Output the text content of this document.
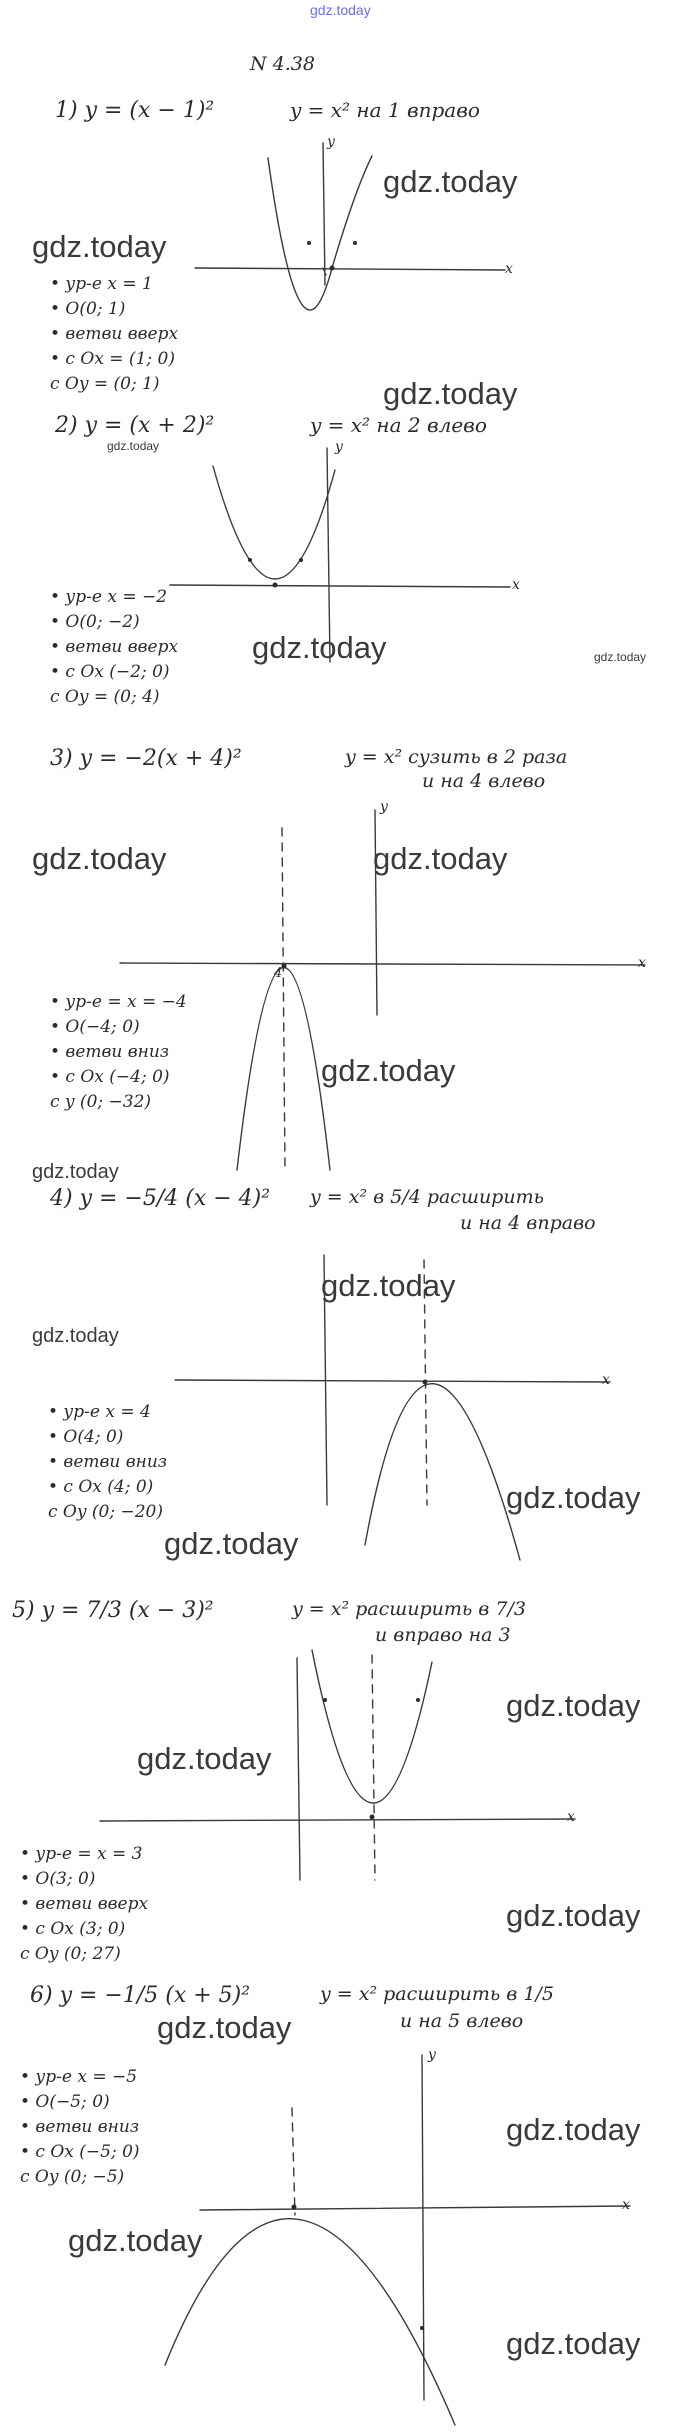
x
y
x
y
x
y
x
x
x
y
gdz.today
N 4.38
1) y = (x − 1)²	y = x² на 1 вправо
• ур-е x = 1
• O(0; 1)
• ветви вверх
• c Ox = (1; 0)
c Oy = (0; 1)
2) y = (x + 2)²	y = x² на 2 влево
• ур-е x = −2
• O(0; −2)
• ветви вверх
• c Ox (−2; 0)
c Oy = (0; 4)
3) y = −2(x + 4)²	y = x² сузить в 2 раза
и на 4 влево
4
• ур-е = x = −4
• O(−4; 0)
• ветви вниз
• c Ox (−4; 0)
c y (0; −32)
4) y = −5/4 (x − 4)² y = x² в 5/4 расширить
и на 4 вправо
• ур-е x = 4
• O(4; 0)
• ветви вниз
• c Ox (4; 0)
c Oy (0; −20)
5) y = 7/3 (x − 3)²	y = x² расширить в 7/3
и вправо на 3
• ур-е = x = 3
• O(3; 0)
• ветви вверх
• c Ox (3; 0)
c Oy (0; 27)
6) y = −1/5 (x + 5)²	y = x² расширить в 1/5
и на 5 влево
• ур-е x = −5
• O(−5; 0)
• ветви вниз
• c Ox (−5; 0)
c Oy (0; −5)
gdz.today
gdz.today
gdz.today
gdz.today
gdz.today	gdz.today
gdz.today	gdz.today
gdz.today
gdz.today
gdz.today
gdz.today
gdz.today
gdz.today
gdz.today
gdz.today
gdz.today
gdz.today
gdz.today
gdz.today
gdz.today
